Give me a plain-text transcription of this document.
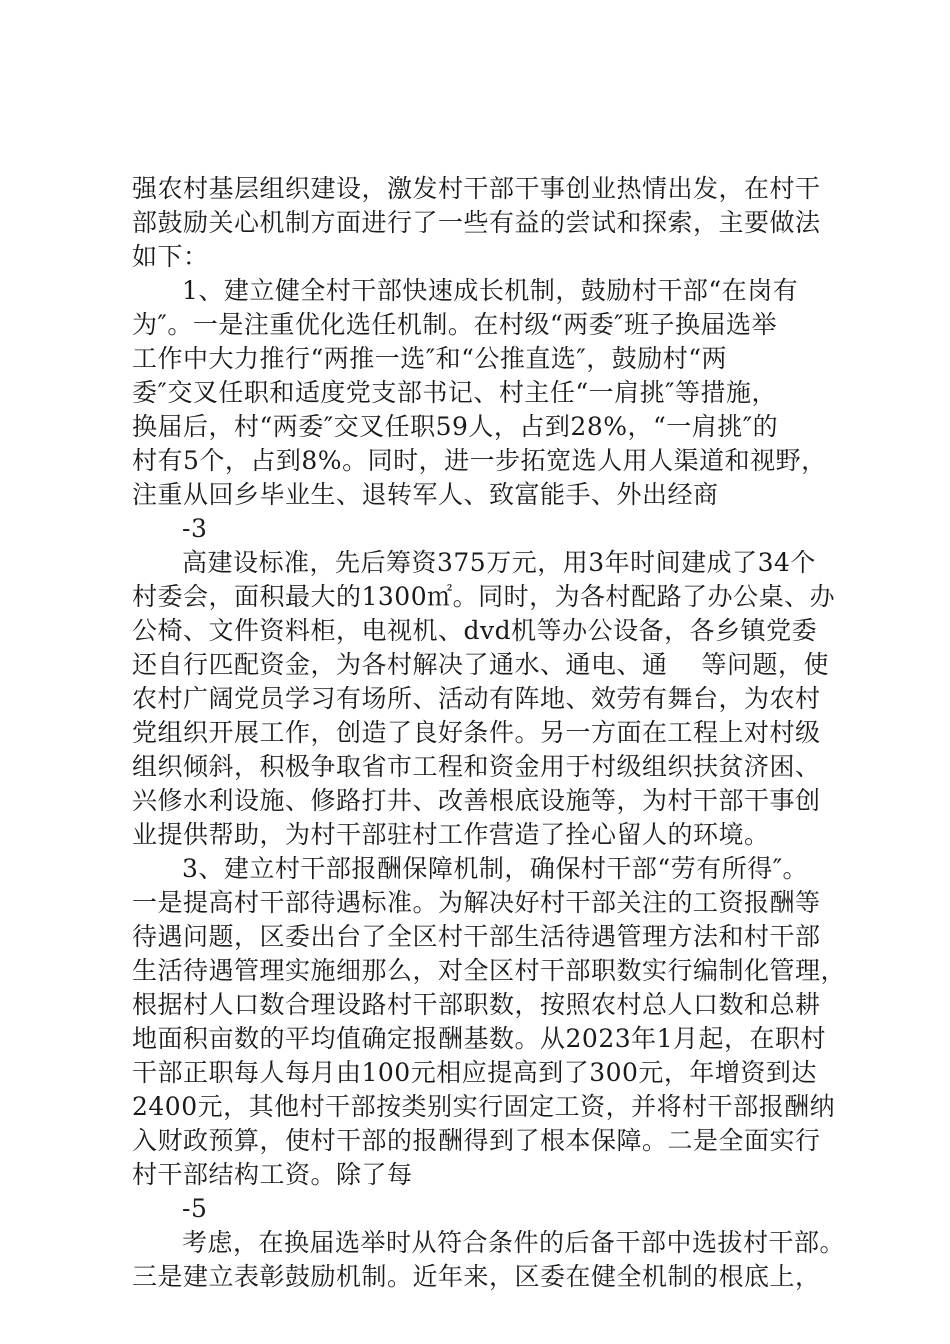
强农村基层组织建设，激发村干部干事创业热情出发，在村干
部鼓励关心机制方面进行了一些有益的尝试和探索，主要做法
如下：
1、建立健全村干部快速成长机制，鼓励村干部“在岗有
为″。一是注重优化选任机制。在村级“两委″班子换届选举
工作中大力推行“两推一选″和“公推直选″，鼓励村“两
委″交叉任职和适度党支部书记、村主任“一肩挑″等措施，
换届后，村“两委″交叉任职59人，占到28%，“一肩挑″的
村有5个，占到8%。同时，进一步拓宽选人用人渠道和视野，
注重从回乡毕业生、退转军人、致富能手、外出经商
-3
高建设标准，先后筹资375万元，用3年时间建成了34个
村委会，面积最大的1300㎡。同时，为各村配路了办公桌、办
公椅、文件资料柜，电视机、dvd机等办公设备，各乡镇党委
还自行匹配资金，为各村解决了通水、通电、通　 等问题，使
农村广阔党员学习有场所、活动有阵地、效劳有舞台，为农村
党组织开展工作，创造了良好条件。另一方面在工程上对村级
组织倾斜，积极争取省市工程和资金用于村级组织扶贫济困、
兴修水利设施、修路打井、改善根底设施等，为村干部干事创
业提供帮助，为村干部驻村工作营造了拴心留人的环境。
3、建立村干部报酬保障机制，确保村干部“劳有所得″。
一是提高村干部待遇标准。为解决好村干部关注的工资报酬等
待遇问题，区委出台了全区村干部生活待遇管理方法和村干部
生活待遇管理实施细那么，对全区村干部职数实行编制化管理，
根据村人口数合理设路村干部职数，按照农村总人口数和总耕
地面积亩数的平均值确定报酬基数。从2023年1月起，在职村
干部正职每人每月由100元相应提高到了300元，年增资到达
2400元，其他村干部按类别实行固定工资，并将村干部报酬纳
入财政预算，使村干部的报酬得到了根本保障。二是全面实行
村干部结构工资。除了每
-5
考虑，在换届选举时从符合条件的后备干部中选拔村干部。
三是建立表彰鼓励机制。近年来，区委在健全机制的根底上，
